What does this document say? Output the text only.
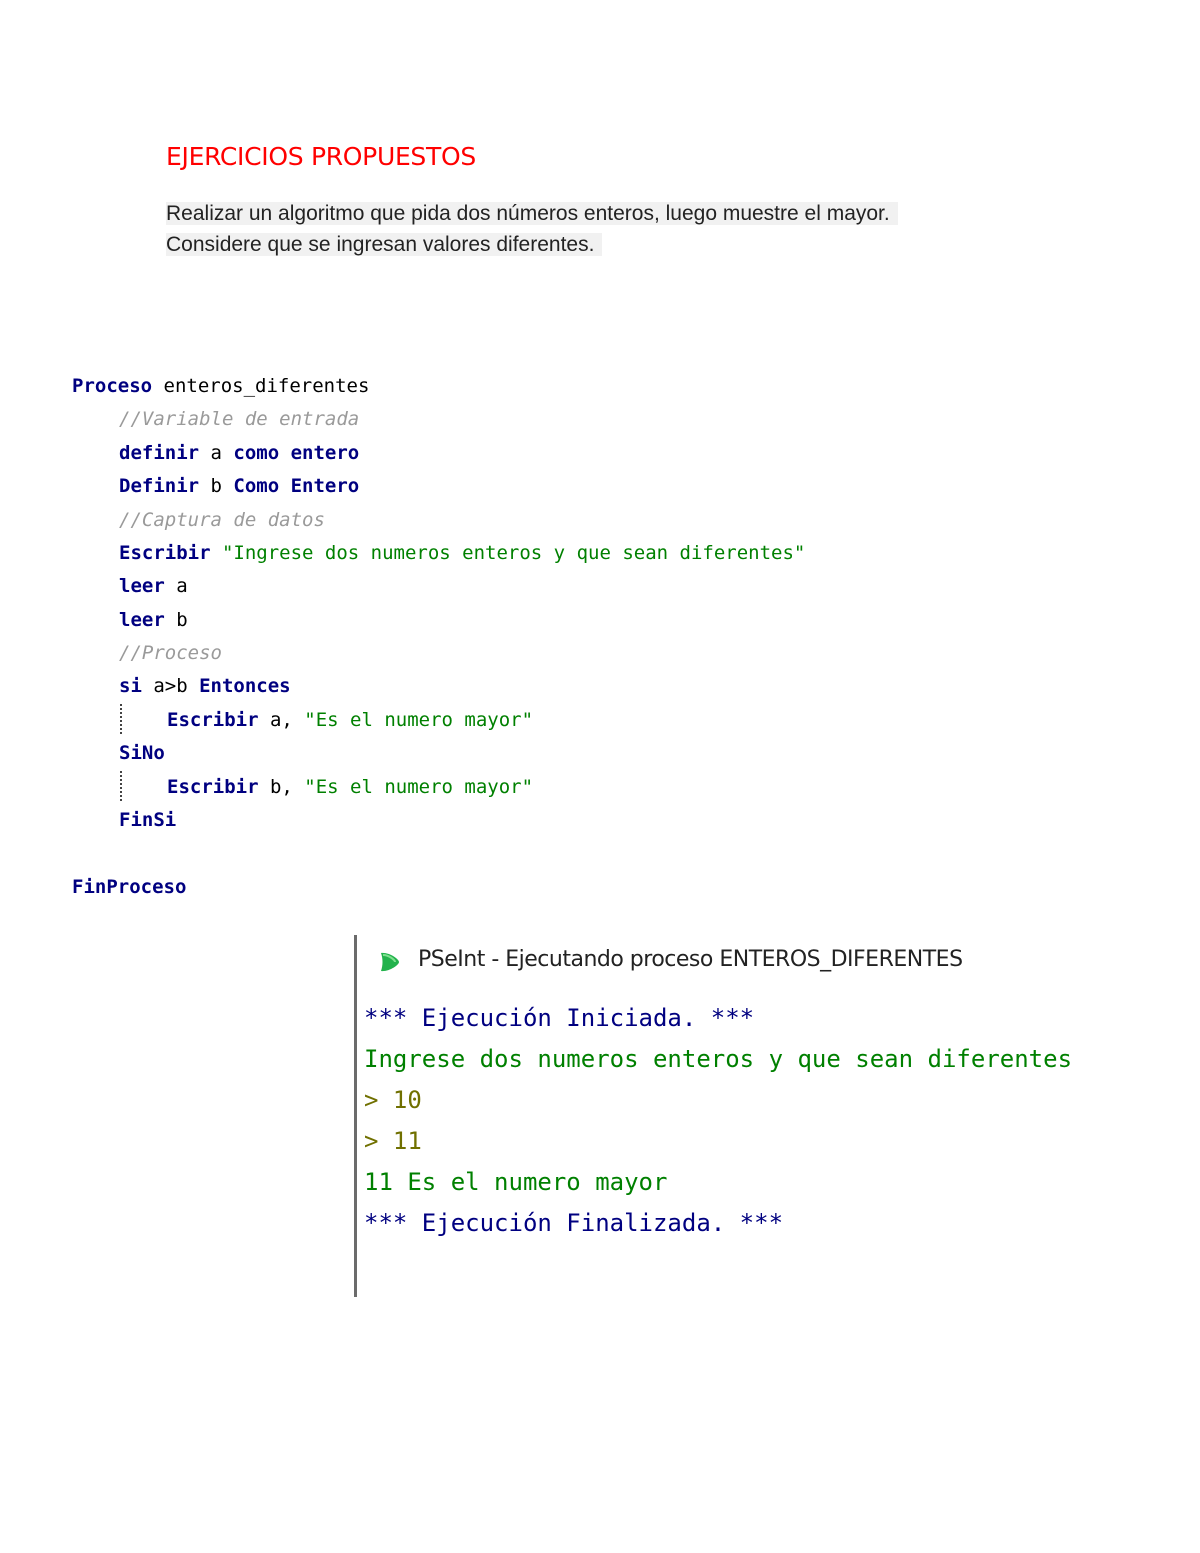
EJERCICIOS PROPUESTOS
Realizar un algoritmo que pida dos números enteros, luego muestre el mayor.
Considere que se ingresan valores diferentes.
Proceso enteros_diferentes
//Variable de entrada
definir a como entero
Definir b Como Entero
//Captura de datos
Escribir "Ingrese dos numeros enteros y que sean diferentes"
leer a
leer b
//Proceso
si a>b Entonces
Escribir a, "Es el numero mayor"
SiNo
Escribir b, "Es el numero mayor"
FinSi
FinProceso
PSeInt - Ejecutando proceso ENTEROS_DIFERENTES
*** Ejecución Iniciada. ***
Ingrese dos numeros enteros y que sean diferentes
> 10
> 11
11 Es el numero mayor
*** Ejecución Finalizada. ***
